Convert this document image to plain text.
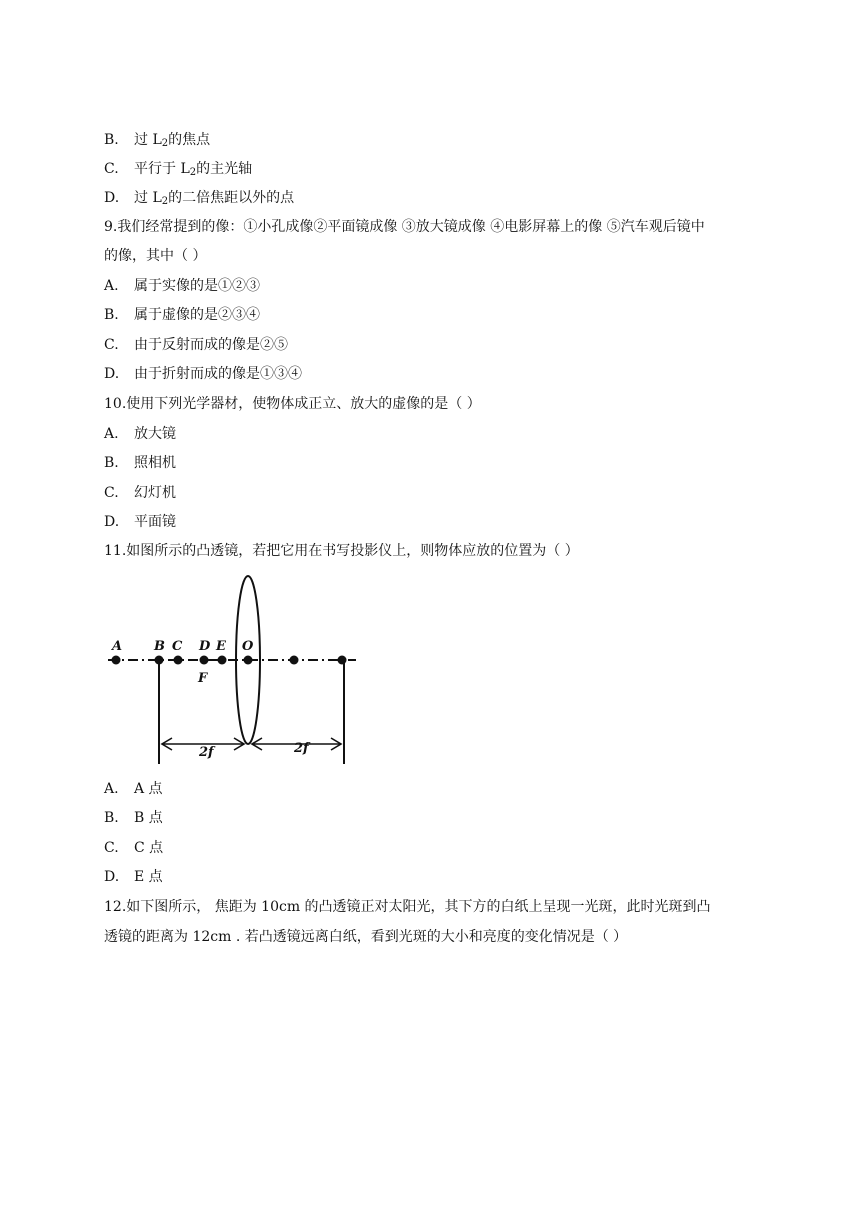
B. 过 $L_2$的焦点
C. 平行于 $L_2$的主光轴
D. 过 $L_2$的二倍焦距以外的点
9.我们经常提到的像：①小孔成像②平面镜成像 ③放大镜成像 ④电影屏幕上的像 ⑤汽车观后镜中
的像，其中（ ）
A. 属于实像的是①②③
B. 属于虚像的是②③④
C. 由于反射而成的像是②⑤
D. 由于折射而成的像是①③④
10.使用下列光学器材，使物体成正立、放大的虚像的是（ ）
A. 放大镜
B. 照相机
C. 幻灯机
D. 平面镜
11.如图所示的凸透镜，若把它用在书写投影仪上，则物体应放的位置为（ ）
A B C D E O
F
2f	2f
A. A 点
B. B 点
C. C 点
D. E 点
12.如下图所示， 焦距为 10cm 的凸透镜正对太阳光，其下方的白纸上呈现一光斑，此时光斑到凸
透镜的距离为 12cm . 若凸透镜远离白纸，看到光斑的大小和亮度的变化情况是（ ）
